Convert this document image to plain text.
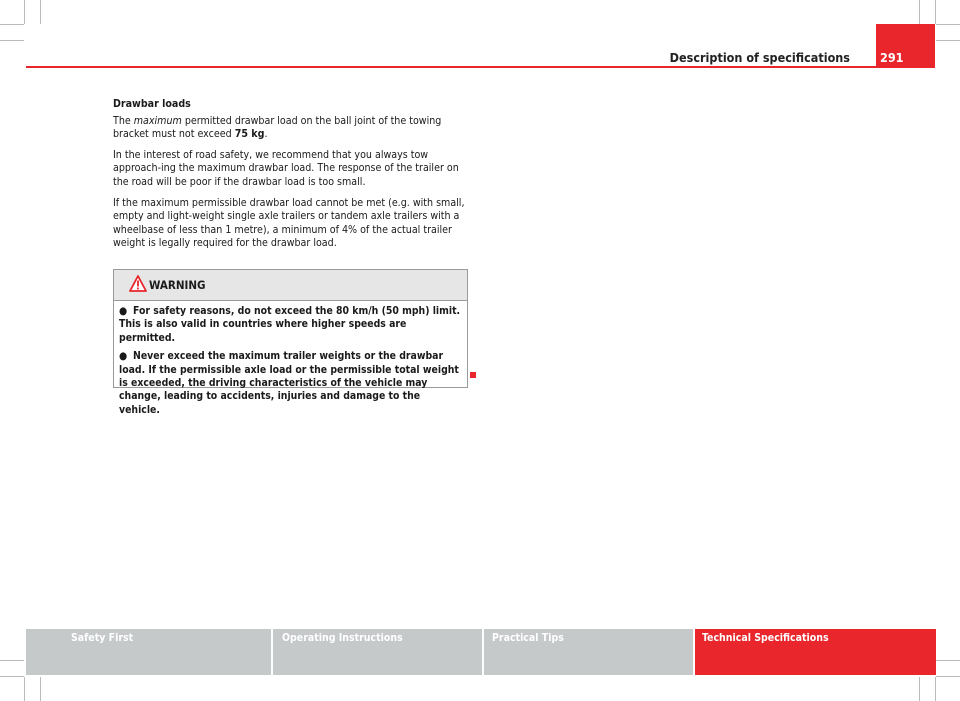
Description of specifications 291

Drawbar loads

The maximum permitted drawbar load on the ball joint of the towing bracket must not exceed 75 kg.

In the interest of road safety, we recommend that you always tow approach-ing the maximum drawbar load. The response of the trailer on the road will be poor if the drawbar load is too small.

If the maximum permissible drawbar load cannot be met (e.g. with small, empty and light-weight single axle trailers or tandem axle trailers with a wheelbase of less than 1 metre), a minimum of 4% of the actual trailer weight is legally required for the drawbar load.

WARNING

● For safety reasons, do not exceed the 80 km/h (50 mph) limit. This is also valid in countries where higher speeds are permitted.

● Never exceed the maximum trailer weights or the drawbar load. If the permissible axle load or the permissible total weight is exceeded, the driving characteristics of the vehicle may change, leading to accidents, injuries and damage to the vehicle.

Safety First	Operating Instructions	Practical Tips	Technical Specifications
